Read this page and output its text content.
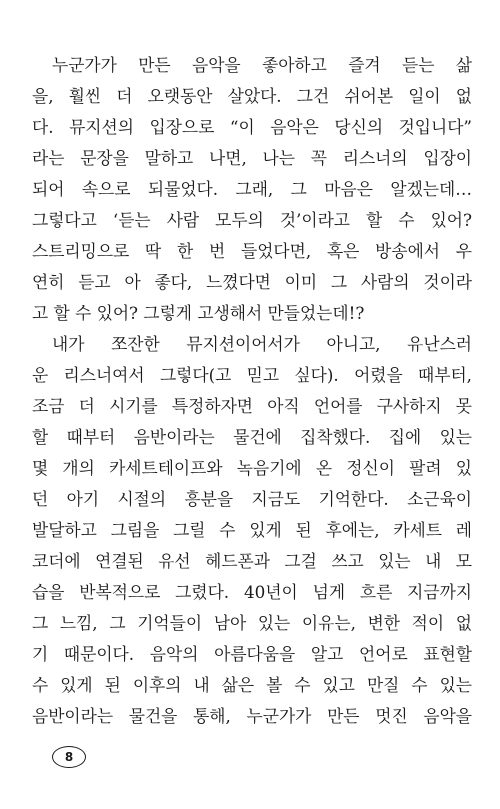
누군가가 만든 음악을 좋아하고 즐겨 듣는 삶
을, 훨씬 더 오랫동안 살았다. 그건 쉬어본 일이 없
다. 뮤지션의 입장으로 “이 음악은 당신의 것입니다”
라는 문장을 말하고 나면, 나는 꼭 리스너의 입장이
되어 속으로 되물었다. 그래, 그 마음은 알겠는데…
그렇다고 ‘듣는 사람 모두의 것’이라고 할 수 있어?
스트리밍으로 딱 한 번 들었다면, 혹은 방송에서 우
연히 듣고 아 좋다, 느꼈다면 이미 그 사람의 것이라
고 할 수 있어? 그렇게 고생해서 만들었는데!?
내가 쪼잔한 뮤지션이어서가 아니고, 유난스러
운 리스너여서 그렇다(고 믿고 싶다). 어렸을 때부터,
조금 더 시기를 특정하자면 아직 언어를 구사하지 못
할 때부터 음반이라는 물건에 집착했다. 집에 있는
몇 개의 카세트테이프와 녹음기에 온 정신이 팔려 있
던 아기 시절의 흥분을 지금도 기억한다. 소근육이
발달하고 그림을 그릴 수 있게 된 후에는, 카세트 레
코더에 연결된 유선 헤드폰과 그걸 쓰고 있는 내 모
습을 반복적으로 그렸다. 40년이 넘게 흐른 지금까지
그 느낌, 그 기억들이 남아 있는 이유는, 변한 적이 없
기 때문이다. 음악의 아름다움을 알고 언어로 표현할
수 있게 된 이후의 내 삶은 볼 수 있고 만질 수 있는
음반이라는 물건을 통해, 누군가가 만든 멋진 음악을
8
